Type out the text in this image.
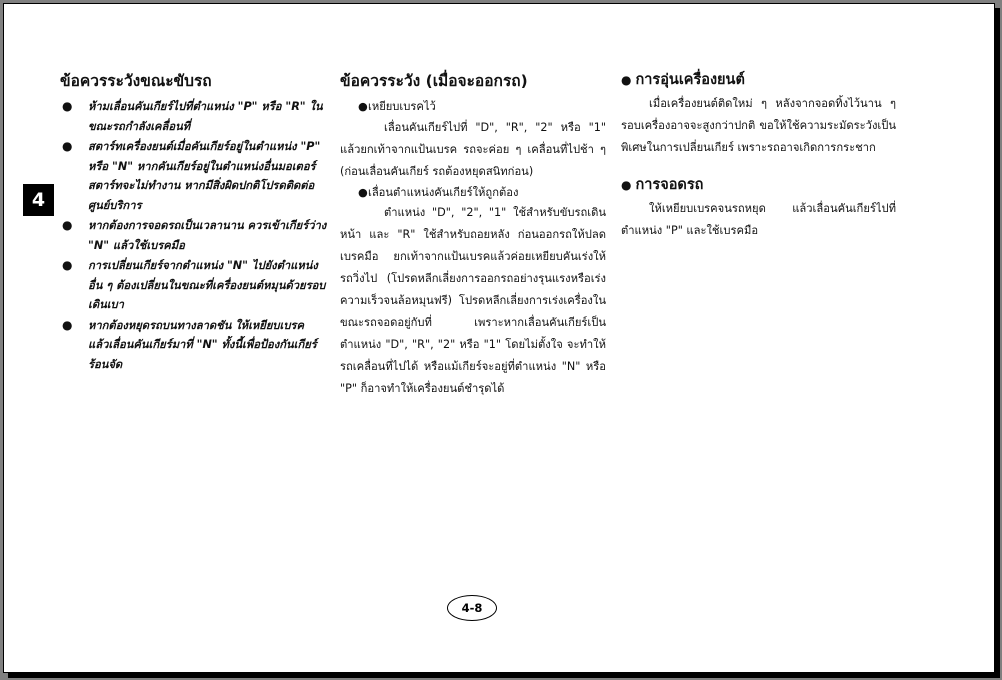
4
ข้อควรระวังขณะขับรถ
● ห้ามเลื่อนคันเกียร์ไปที่ตำแหน่ง "P" หรือ "R" ในขณะรถกำลังเคลื่อนที่
● สตาร์ทเครื่องยนต์เมื่อคันเกียร์อยู่ในตำแหน่ง "P" หรือ "N" หากคันเกียร์อยู่ในตำแหน่งอื่นมอเตอร์สตาร์ทจะไม่ทำงาน หากมีสิ่งผิดปกติโปรดติดต่อศูนย์บริการ
● หากต้องการจอดรถเป็นเวลานาน ควรเข้าเกียร์ว่าง "N" แล้วใช้เบรคมือ
● การเปลี่ยนเกียร์จากตำแหน่ง "N" ไปยังตำแหน่งอื่น ๆ ต้องเปลี่ยนในขณะที่เครื่องยนต์หมุนด้วยรอบเดินเบา
● หากต้องหยุดรถบนทางลาดชัน ให้เหยียบเบรค แล้วเลื่อนคันเกียร์มาที่ "N" ทั้งนี้เพื่อป้องกันเกียร์ร้อนจัด
ข้อควรระวัง (เมื่อจะออกรถ)
● เหยียบเบรคไว้
เลื่อนคันเกียร์ไปที่ "D", "R", "2" หรือ "1" แล้วยกเท้าจากแป้นเบรค รถจะค่อย ๆ เคลื่อนที่ไปช้า ๆ (ก่อนเลื่อนคันเกียร์ รถต้องหยุดสนิทก่อน)
● เลื่อนตำแหน่งคันเกียร์ให้ถูกต้อง
ตำแหน่ง "D", "2", "1" ใช้สำหรับขับรถเดินหน้า และ "R" ใช้สำหรับถอยหลัง ก่อนออกรถให้ปลดเบรคมือ ยกเท้าจากแป้นเบรคแล้วค่อยเหยียบคันเร่งให้รถวิ่งไป (โปรดหลีกเลี่ยงการออกรถอย่างรุนแรงหรือเร่งความเร็วจนล้อหมุนฟรี) โปรดหลีกเลี่ยงการเร่งเครื่องในขณะรถจอดอยู่กับที่ เพราะหากเลื่อนคันเกียร์เป็นตำแหน่ง "D", "R", "2" หรือ "1" โดยไม่ตั้งใจ จะทำให้รถเคลื่อนที่ไปได้ หรือแม้เกียร์จะอยู่ที่ตำแหน่ง "N" หรือ "P" ก็อาจทำให้เครื่องยนต์ชำรุดได้
● การอุ่นเครื่องยนต์
เมื่อเครื่องยนต์ติดใหม่ ๆ หลังจากจอดทิ้งไว้นาน ๆ รอบเครื่องอาจจะสูงกว่าปกติ ขอให้ใช้ความระมัดระวังเป็นพิเศษในการเปลี่ยนเกียร์ เพราะรถอาจเกิดการกระชาก
● การจอดรถ
ให้เหยียบเบรคจนรถหยุด แล้วเลื่อนคันเกียร์ไปที่ตำแหน่ง "P" และใช้เบรคมือ
4-8
